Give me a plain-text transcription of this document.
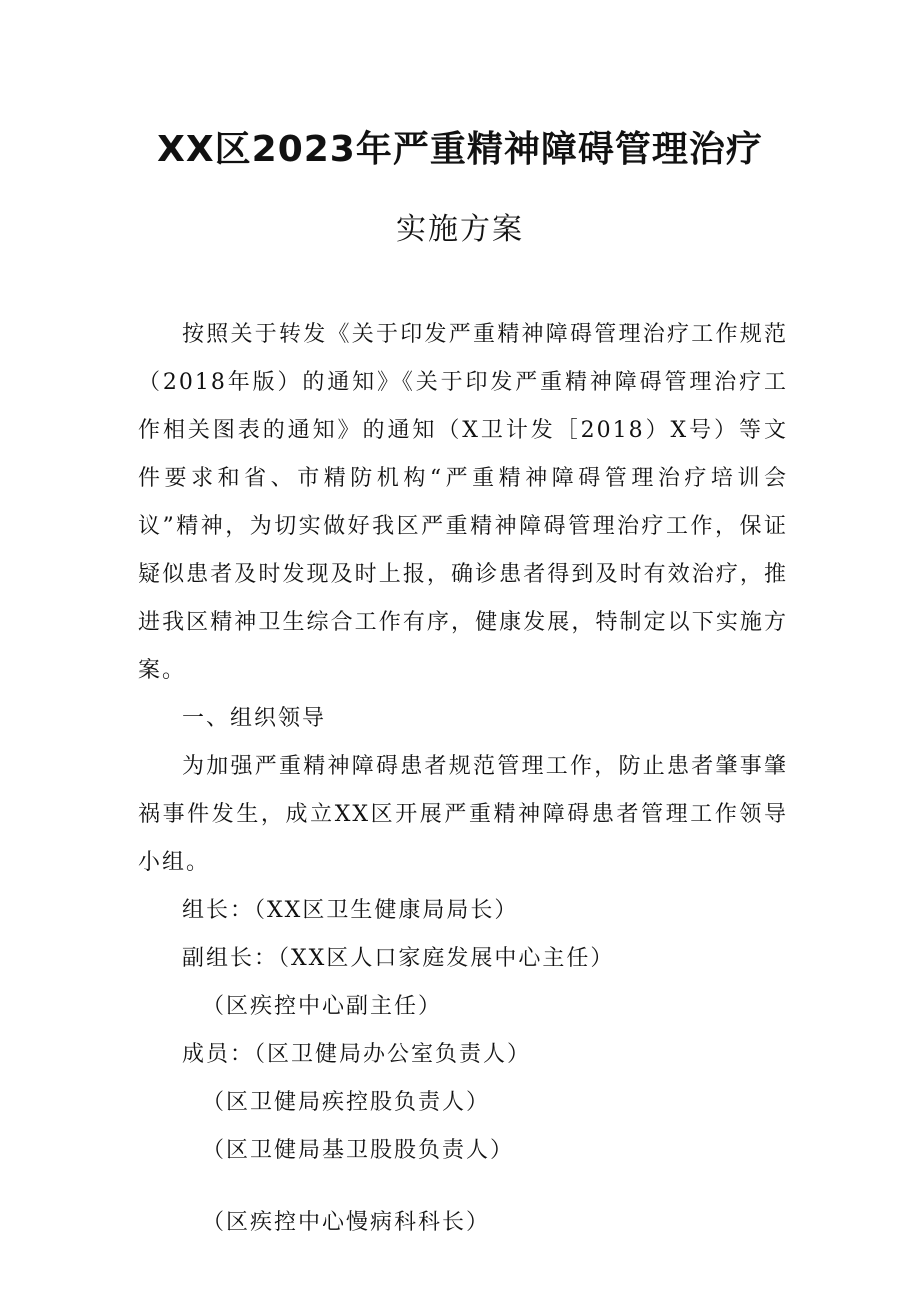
XX区2023年严重精神障碍管理治疗
实施方案

按照关于转发《关于印发严重精神障碍管理治疗工作规范（2018年版）的通知》《关于印发严重精神障碍管理治疗工作相关图表的通知》的通知（X卫计发［2018）X号）等文件要求和省、市精防机构“严重精神障碍管理治疗培训会议”精神，为切实做好我区严重精神障碍管理治疗工作，保证疑似患者及时发现及时上报，确诊患者得到及时有效治疗，推进我区精神卫生综合工作有序，健康发展，特制定以下实施方案。

一、组织领导

为加强严重精神障碍患者规范管理工作，防止患者肇事肇祸事件发生，成立XX区开展严重精神障碍患者管理工作领导小组。

组长：（XX区卫生健康局局长）

副组长：（XX区人口家庭发展中心主任）

（区疾控中心副主任）

成员：（区卫健局办公室负责人）

（区卫健局疾控股负责人）

（区卫健局基卫股股负责人）

（区疾控中心慢病科科长）
